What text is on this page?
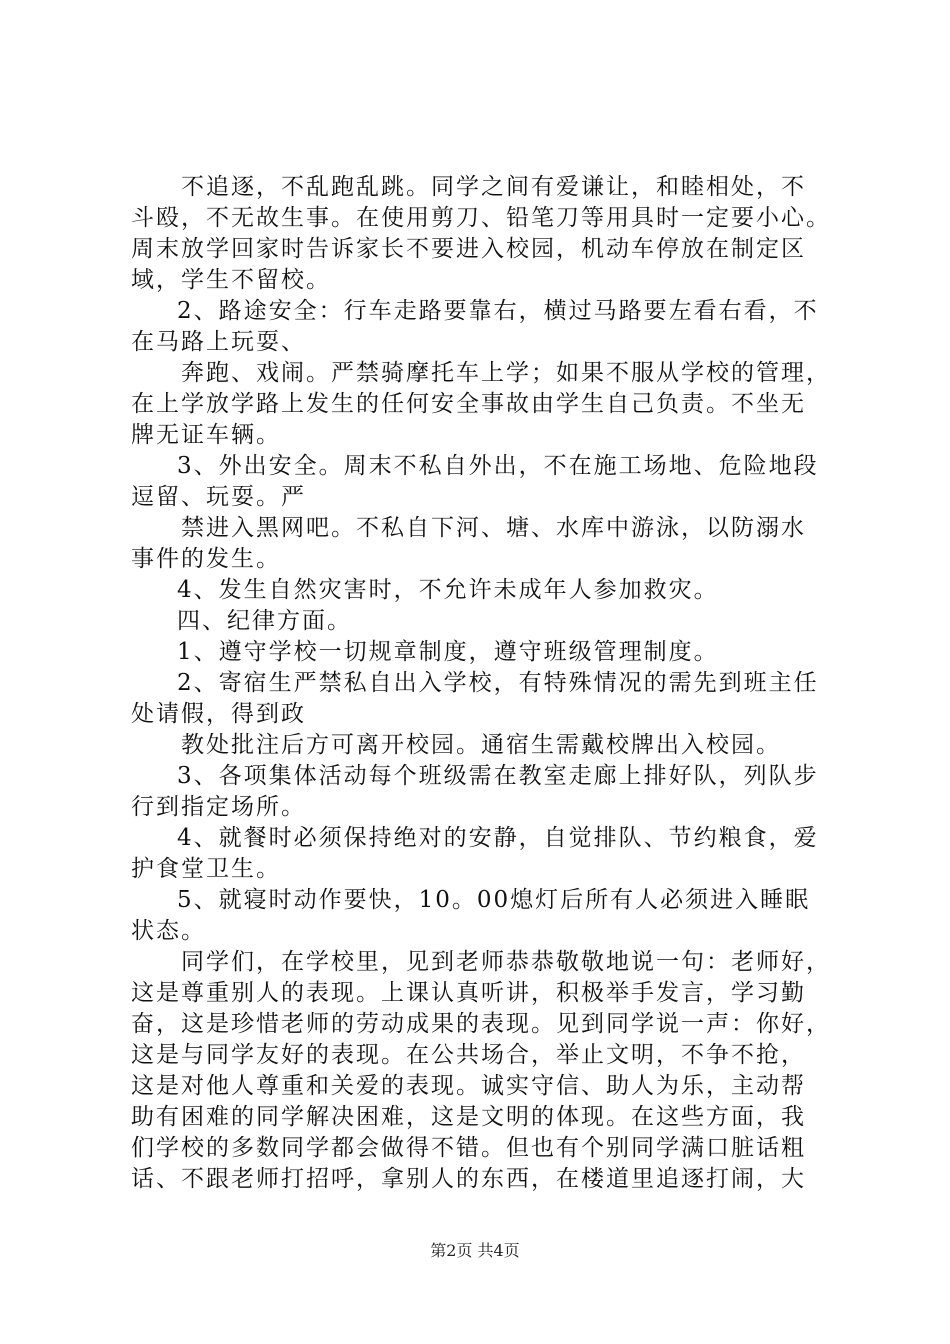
不追逐，不乱跑乱跳。同学之间有爱谦让，和睦相处，不
斗殴，不无故生事。在使用剪刀、铅笔刀等用具时一定要小心。
周末放学回家时告诉家长不要进入校园，机动车停放在制定区
域，学生不留校。
2、路途安全：行车走路要靠右，横过马路要左看右看，不
在马路上玩耍、
奔跑、戏闹。严禁骑摩托车上学；如果不服从学校的管理，
在上学放学路上发生的任何安全事故由学生自己负责。不坐无
牌无证车辆。
3、外出安全。周末不私自外出，不在施工场地、危险地段
逗留、玩耍。严
禁进入黑网吧。不私自下河、塘、水库中游泳，以防溺水
事件的发生。
4、发生自然灾害时，不允许未成年人参加救灾。
四、纪律方面。
1、遵守学校一切规章制度，遵守班级管理制度。
2、寄宿生严禁私自出入学校，有特殊情况的需先到班主任
处请假，得到政
教处批注后方可离开校园。通宿生需戴校牌出入校园。
3、各项集体活动每个班级需在教室走廊上排好队，列队步
行到指定场所。
4、就餐时必须保持绝对的安静，自觉排队、节约粮食，爱
护食堂卫生。
5、就寝时动作要快，10。00熄灯后所有人必须进入睡眠
状态。
同学们，在学校里，见到老师恭恭敬敬地说一句：老师好，
这是尊重别人的表现。上课认真听讲，积极举手发言，学习勤
奋，这是珍惜老师的劳动成果的表现。见到同学说一声：你好，
这是与同学友好的表现。在公共场合，举止文明，不争不抢，
这是对他人尊重和关爱的表现。诚实守信、助人为乐，主动帮
助有困难的同学解决困难，这是文明的体现。在这些方面，我
们学校的多数同学都会做得不错。但也有个别同学满口脏话粗
话、不跟老师打招呼，拿别人的东西，在楼道里追逐打闹，大
第2页 共4页
